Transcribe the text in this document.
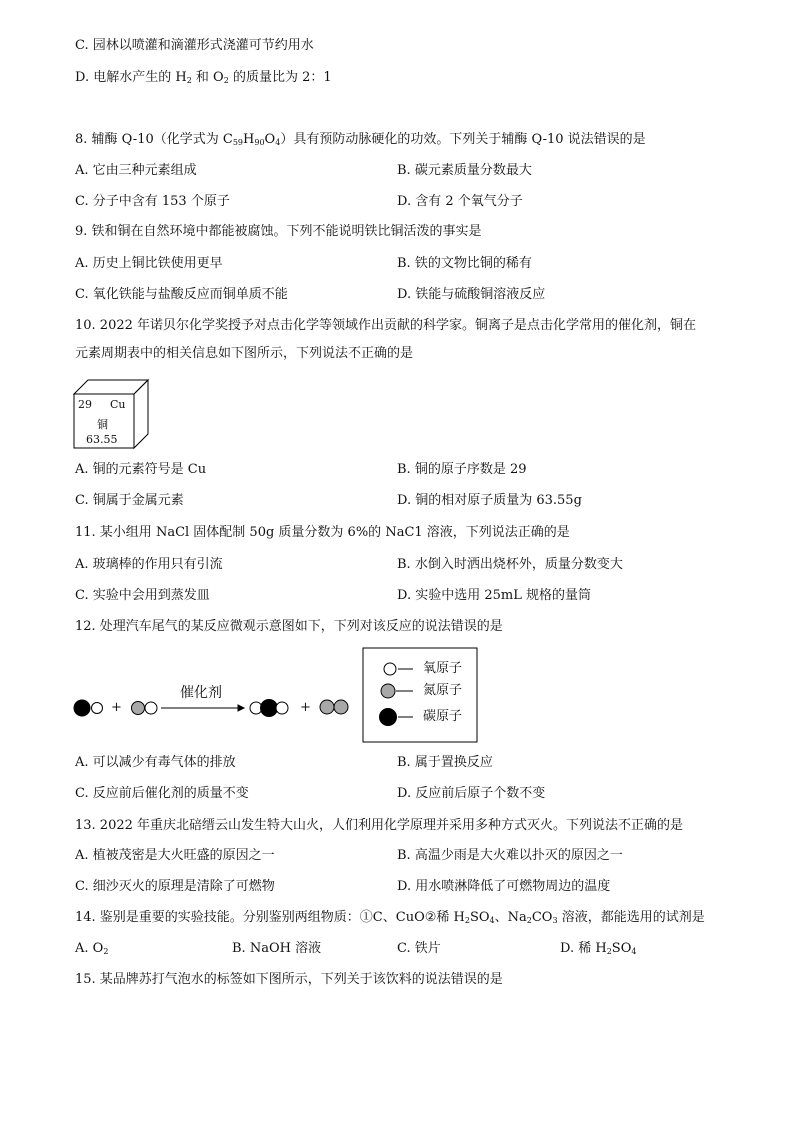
C. 园林以喷灌和滴灌形式浇灌可节约用水
D. 电解水产生的 $H_2$ 和 $O_2$ 的质量比为 2：1
8. 辅酶 Q-10（化学式为 $C_{59}H_{90}O_4$）具有预防动脉硬化的功效。下列关于辅酶 Q-10 说法错误的是
A. 它由三种元素组成	B. 碳元素质量分数最大
C. 分子中含有 153 个原子	D. 含有 2 个氧气分子
9. 铁和铜在自然环境中都能被腐蚀。下列不能说明铁比铜活泼的事实是
A. 历史上铜比铁使用更早	B. 铁的文物比铜的稀有
C. 氧化铁能与盐酸反应而铜单质不能	D. 铁能与硫酸铜溶液反应
10. 2022 年诺贝尔化学奖授予对点击化学等领域作出贡献的科学家。铜离子是点击化学常用的催化剂，铜在
元素周期表中的相关信息如下图所示，下列说法不正确的是
29 Cu
铜
63.55
A. 铜的元素符号是 Cu	B. 铜的原子序数是 29
C. 铜属于金属元素	D. 铜的相对原子质量为 63.55g
11. 某小组用 NaCl 固体配制 50g 质量分数为 6%的 NaC1 溶液，下列说法正确的是
A. 玻璃棒的作用只有引流	B. 水倒入时洒出烧杯外，质量分数变大
C. 实验中会用到蒸发皿	D. 实验中选用 25mL 规格的量筒
12. 处理汽车尾气的某反应微观示意图如下，下列对该反应的说法错误的是
+	+
催化剂
氧原子
氮原子
碳原子
A. 可以减少有毒气体的排放	B. 属于置换反应
C. 反应前后催化剂的质量不变	D. 反应前后原子个数不变
13. 2022 年重庆北碚缙云山发生特大山火，人们利用化学原理并采用多种方式灭火。下列说法不正确的是
A. 植被茂密是大火旺盛的原因之一	B. 高温少雨是大火难以扑灭的原因之一
C. 细沙灭火的原理是清除了可燃物	D. 用水喷淋降低了可燃物周边的温度
14. 鉴别是重要的实验技能。分别鉴别两组物质：①C、CuO②稀 $H_2SO_4$、$Na_2CO_3$ 溶液，都能选用的试剂是
A. $O_2$	B. NaOH 溶液	C. 铁片	D. 稀 $H_2SO_4$
15. 某品牌苏打气泡水的标签如下图所示，下列关于该饮料的说法错误的是
